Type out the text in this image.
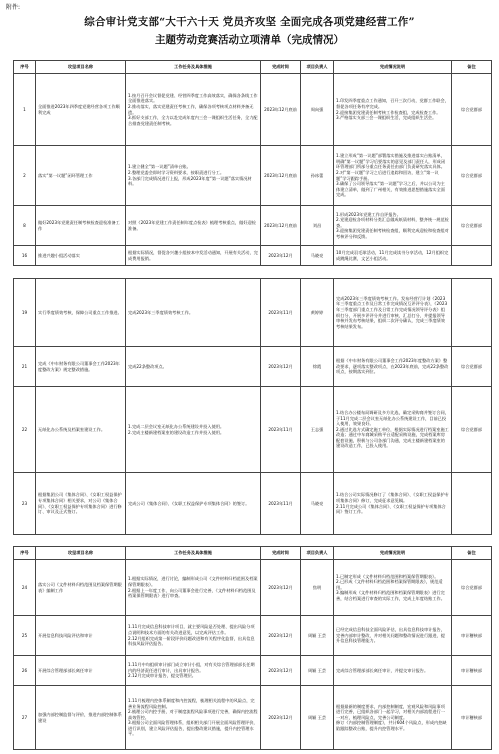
附件:
综合审计党支部“大干六十天 党员齐攻坚 全面完成各项党建经营工作”
主题劳动竞赛活动立项清单（完成情况）
序号	攻坚项目名称	工作任务及具体措施	完成时间	项目负责人	完成情况说明	备注
1	全面推进2023年四季度党建经营各项工作顺利完成	1.按月召开会议督促党建、经营四季度工作高效落实，确保各条线工作全面推进落实。
2.推动落实，落实党建责任考核工作，确保各项考核项点材料齐备无遗。
3.抓好支部工作，全力以赴完成年度内三会一课组织生活任务，全力配合排查党建责任制考核。	2023年12月底前	周向强	1.印发四季度重点工作通知，召开三次行动，党群工作联会，督促各项任务有序完成。
2.迎接集团党建责任制考核工作检查组，完成检查工作。
3.严格落实支部三会一课组织生活，完成组织生活会。	综合党群部
2	落实“第一议题”闭环管理工作	1.建立健全“第一议题”清单台账。
2.整理党委会即时学习资料要求，按职责进行分工。
3.各部门完成情况进行上报，形成2023年度“第一议题”落实情况材料。	2023年12月底前	孙冰蕾	1.建立形成“第一议题”部署落实措施及推进落实台账清单，明确“第一议题”学习后要落实的意见及部门责任人，形成闭环管理部门所部分重点任务责任由部门负责研究落实具体。
2.对“第一议题”学习之后进行追踪和回访，建立“第一议题”学习跟踪手册。
3.确保了公司领导落实“第一议题”学习之后，并以公司为主体建立清单，做到了广州相关，有效推进思想措施落实全面完成。	综合党群部
8	做好2023年党建责任制考核检查迎检准备工作	对照《2023年党建工作责任制年度点检表》梳理考核重点，做好迎检准备。	2023年12月底前	刘昌	1.形成2023年党建工作自评报告。
2.党建迎检各项材料分类汇总做成纸质材料，整齐统一规范检查。
3.迎接集团党建责任制考核检查组，顺利完成迎检和检查组对考核评分和反馈。	综合党群部
16	推进兴趣小组活动落实	根据实际情况，督促各兴趣小组按本中发活动通知，开展有关活动，完成费用报销。	2023年12月	马晓亮	10月完成羽毛球活动，11月完成读书分享活动，12月组织完成跳绳比赛，文艺小组活动。	
19	实行季度绩效考核，保障公司重点工作推进。	完成2023年三季度绩效考核工作。	2023年11月	黄婷婷	完成2023年三季度绩效考核工作。发布经营行计划《2023年三季度重点工作及日常工作完成情况互评评分表》，《2023年三季度部门重点工作及日常工作完成情况领导评分表》组织打分，开展多评评分并进行审核，汇总打分，并提报领导审核并发布考核结果，组织二次评分确认，完成三季度绩效考核结果发布。	
21	完成《中车财务有限公司董事会工作2023年度整改方案》规定整改措施。	完成22条整改项点。	2023年12月	徐霞	根据《中车财务有限公司董事会工作2023年度整改方案》整改要求，逐项落实整改项点，在2023年底前，完成22条整改项点，按期落实到位。	综合党群部
22	无纸化办公系统及档案室建设工作。	1.完成二层会议室无纸化办公系统建设并投入使用。
2.完成主楼新建档案室的建设改造工作并投入使用。	2023年11月	王志强	1.结合办公楼布局调研及多方比选，确定采购商并签订合同，于11月完成二层会议室无纸化办公系统建设工作，目前已投入使用，效果良好。
2.通过比选方式确定施工单位，根据实际情况进行档案室施工改造；通过中车商城采购平台适配采购设施，完成档案库房配套设施，积极与公司各部门沟通，完成主楼新建档案室的建设改造工作，已投入使用。	综合党群部
23	根据集团公司《集体合同》、《女职工权益保护专项集体合同》相关要求，对公司《集体合同》、《女职工权益保护专项集体合同》进行修订、审议及正式签订。	完成公司《集体合同》、《女职工权益保护专项集体合同》的签订。	2023年11月	马晓亮	1.结合公司实际情况修订了《集体合同》、《女职工权益保护专项集体合同》修订，完成征求意见稿。
2.11月完成公司《集体合同》、《女职工权益保护专项集体合同》签订工作。	
序号	攻坚项目名称	工作任务及具体措施	完成时间	项目负责人	完成情况说明	备注
24	落实公司《文件材料归档范围及档案保管期限表》编制工作	1.根据实际情况，进行讨论，编制形成公司《文件材料归档范围及档案保管期限表》。
2.根据上一年度工作，向公司董事会进行完善，《文件材料归档范围及档案保管期限表》进行审查。	2023年12月	焦明	1.已制定形成《文件材料归档范围和档案保管期限表》。
2.已形成《文件材料归档范围和档案保管期限表》，规范适用。
3.编制形成《文件材料归档范围和档案保管期限表》进行完善，结合档案进行审查的实际工作，完成上年度结账工作。	综合党群部
25	开展信息科技风险评估和审计	1.11月完成信息科技审计项目，就主要风险是否处理、提出风险分项点说明和技术方面的有关改进意见，以完成评估工作。
2.12月组织完成第一阶段评价问题改进和有关程序化监督，出具信息科技风险评估报告。	2023年12月	周颖 王芸	已经完成信息科技全面风险评估，出具信息科技审计报告，完善内部审计整改，并对相关问题和整改情况进行跟进，提升信息科技管理能力。	审计稽核部
26	开展综合管理部部长离任审计	1.11月中旬组织审计部门成立审计小组，对有关综合管理部部长任期内的经济责任进行审计，出具审计报告。
2.12月完成审计报告，提交管理层。	2023年12月	周颖 王芸	完成综合管理部部长离任审计，并提交审计报告。	审计稽核部
27	加强内部控制监督与评价，推进内部控制体系建设	1.11月梳理内控体系制度和内控流程，梳理相关流程中的风险点，完善业务流程风险控制。
2.梳理公司内控手册，对于制度流程风险事项进行完善，确保内控流程高效管控。
3.根据公司全面风险管理体系，组织相关部门开展全面风险管理评价，进行识别，建立风险评估报告，提出整改建议措施，提升内控管理水平。	2023年12月	周颖 王芸	根据最新的制度要求，内部控制制度，宏观风险和风险事项进行完善，已组织各部门一起学习，对相关内部流程进行一一对应，梳理风险点，完善公司制度。
修订《内部控制管理制度》，共计604个风险点，形成内控缺陷跟踪整改台账，提升内控管理水平。	审计稽核部
